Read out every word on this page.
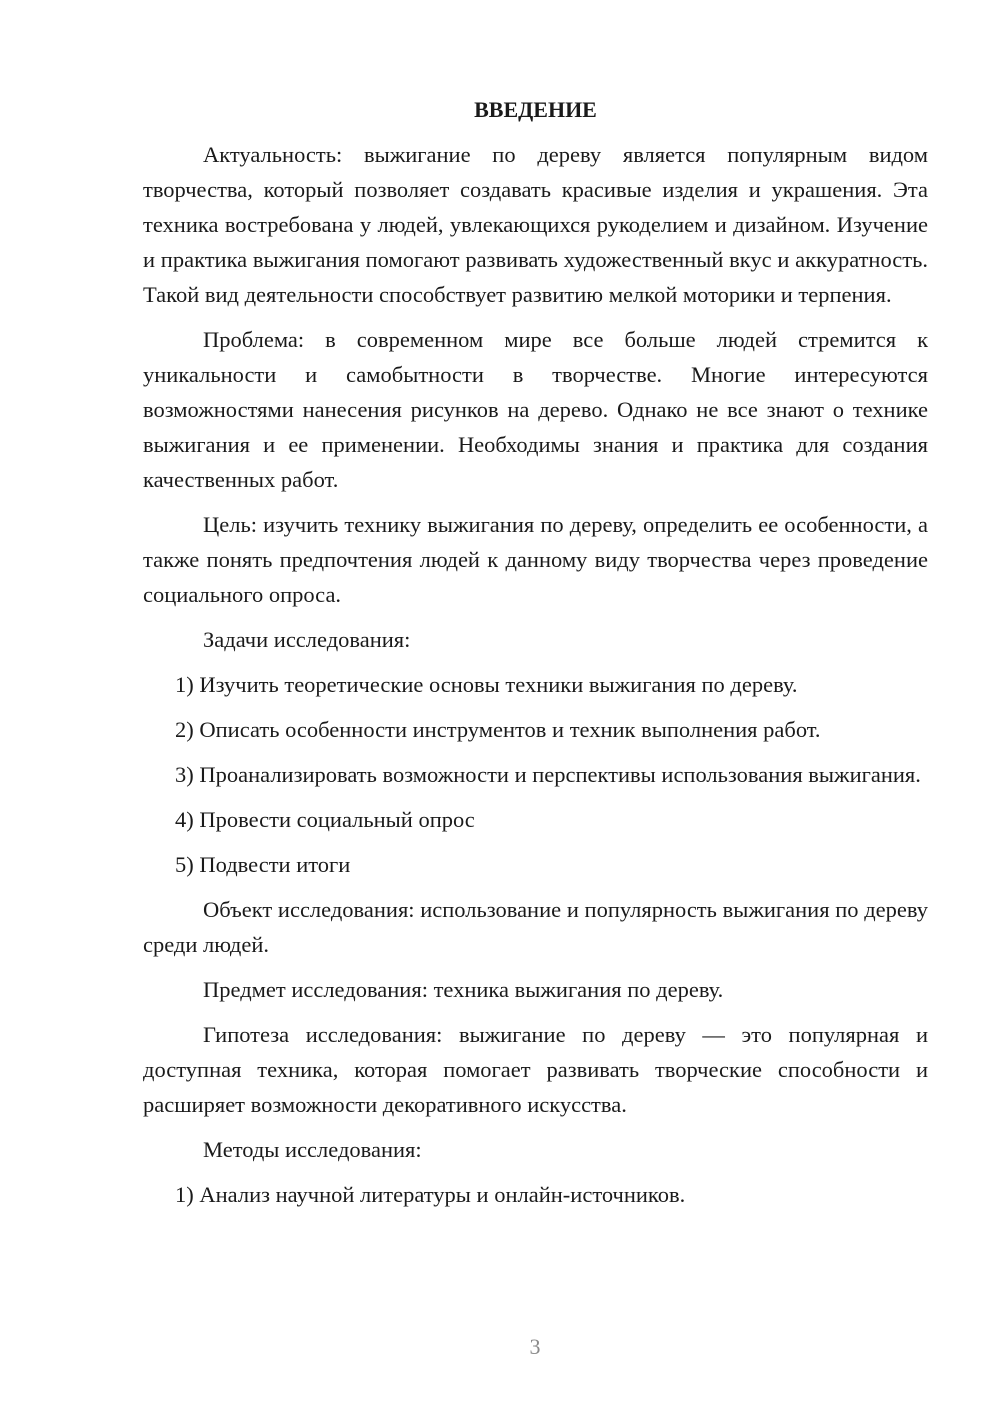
ВВЕДЕНИЕ

Актуальность: выжигание по дереву является популярным видом творчества, который позволяет создавать красивые изделия и украшения. Эта техника востребована у людей, увлекающихся рукоделием и дизайном. Изучение и практика выжигания помогают развивать художественный вкус и аккуратность. Такой вид деятельности способствует развитию мелкой моторики и терпения.

Проблема: в современном мире все больше людей стремится к уникальности и самобытности в творчестве. Многие интересуются возможностями нанесения рисунков на дерево. Однако не все знают о технике выжигания и ее применении. Необходимы знания и практика для создания качественных работ.

Цель: изучить технику выжигания по дереву, определить ее особенности, а также понять предпочтения людей к данному виду творчества через проведение социального опроса.

Задачи исследования:

1) Изучить теоретические основы техники выжигания по дереву.

2) Описать особенности инструментов и техник выполнения работ.

3) Проанализировать возможности и перспективы использования выжигания.

4) Провести социальный опрос

5) Подвести итоги

Объект исследования: использование и популярность выжигания по дереву среди людей.

Предмет исследования: техника выжигания по дереву.

Гипотеза исследования: выжигание по дереву — это популярная и доступная техника, которая помогает развивать творческие способности и расширяет возможности декоративного искусства.

Методы исследования:

1) Анализ научной литературы и онлайн-источников.

3
